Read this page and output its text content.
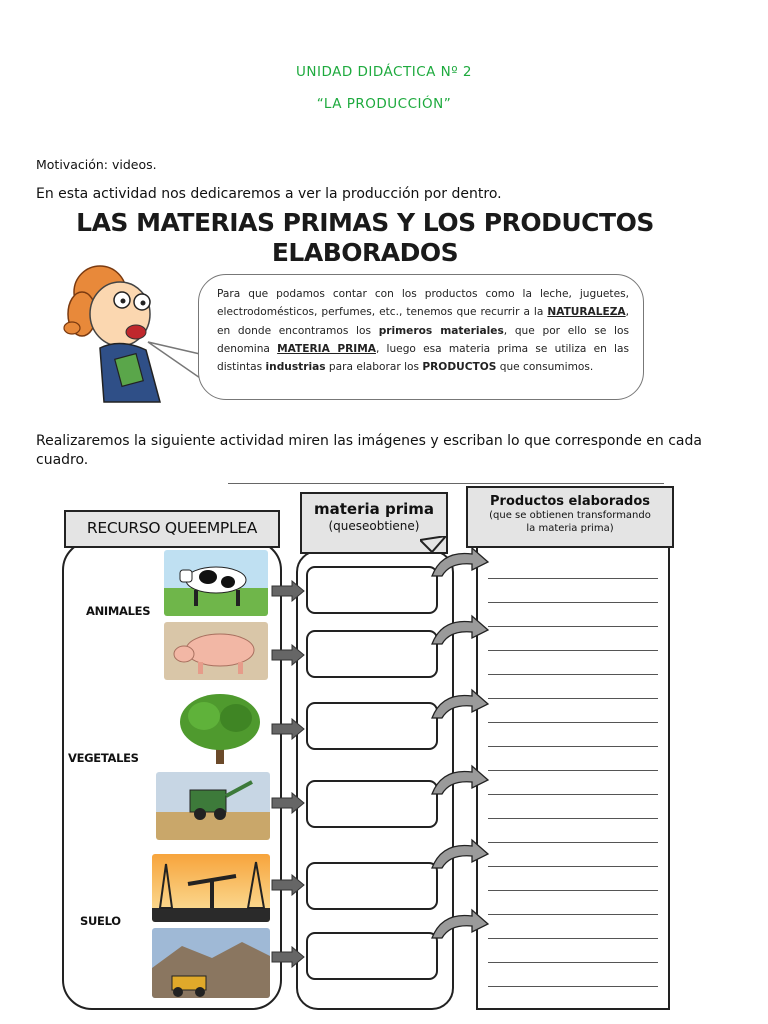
UNIDAD DIDÁCTICA Nº 2
“LA PRODUCCIÓN”
Motivación: videos.
En esta actividad nos dedicaremos a ver la producción por dentro.
LAS MATERIAS PRIMAS Y LOS PRODUCTOS
ELABORADOS

Para que podamos contar con los productos como la leche, juguetes, electrodomésticos, perfumes, etc., tenemos que recurrir a la NATURALEZA, en donde encontramos los primeros materiales, que por ello se los denomina MATERIA PRIMA, luego esa materia prima se utiliza en las distintas industrias para elaborar los PRODUCTOS que consumimos.

Realizaremos la siguiente actividad miren las imágenes y escriban lo que corresponde en cada cuadro.
RECURSO QUEEMPLEA
materia prima
(queseobtiene)
Productos elaborados
(que se obtienen transformando
la materia prima)
ANIMALES
VEGETALES
SUELO
